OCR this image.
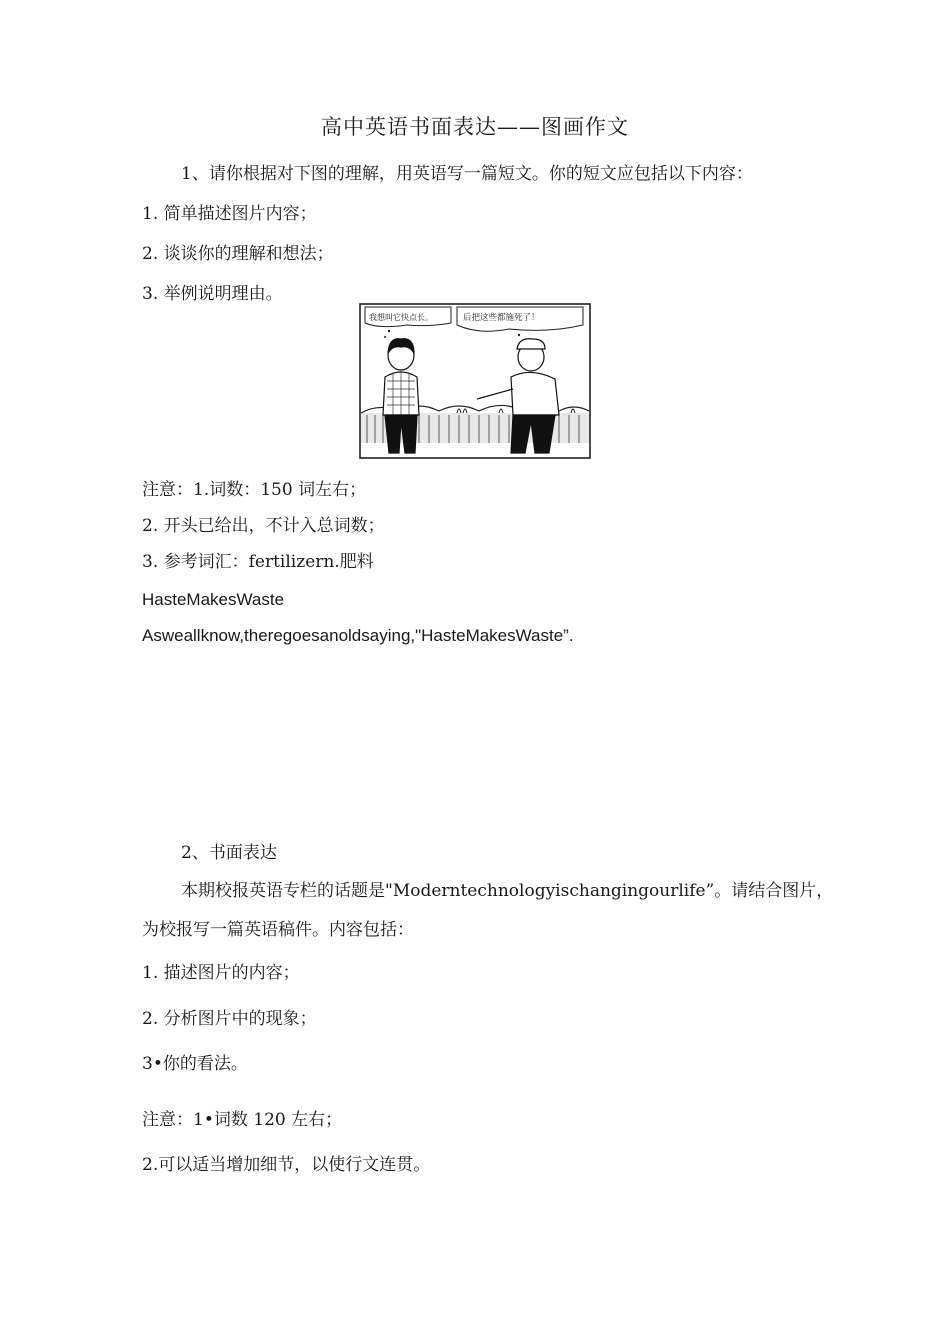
高中英语书面表达——图画作文
1、请你根据对下图的理解，用英语写一篇短文。你的短文应包括以下内容：
1. 简单描述图片内容；
2. 谈谈你的理解和想法；
3. 举例说明理由。
我想叫它快点长。	后把这些都施死了！
注意：1.词数：150 词左右；
2. 开头已给出，不计入总词数；
3. 参考词汇：fertilizern.肥料
HasteMakesWaste
Asweallknow,theregoesanoldsaying,"HasteMakesWaste”.
2、书面表达
本期校报英语专栏的话题是"Moderntechnologyischangingourlife”。请结合图片，
为校报写一篇英语稿件。内容包括：
1. 描述图片的内容；
2. 分析图片中的现象；
3•你的看法。
注意：1•词数 120 左右；
2.可以适当增加细节，以使行文连贯。
